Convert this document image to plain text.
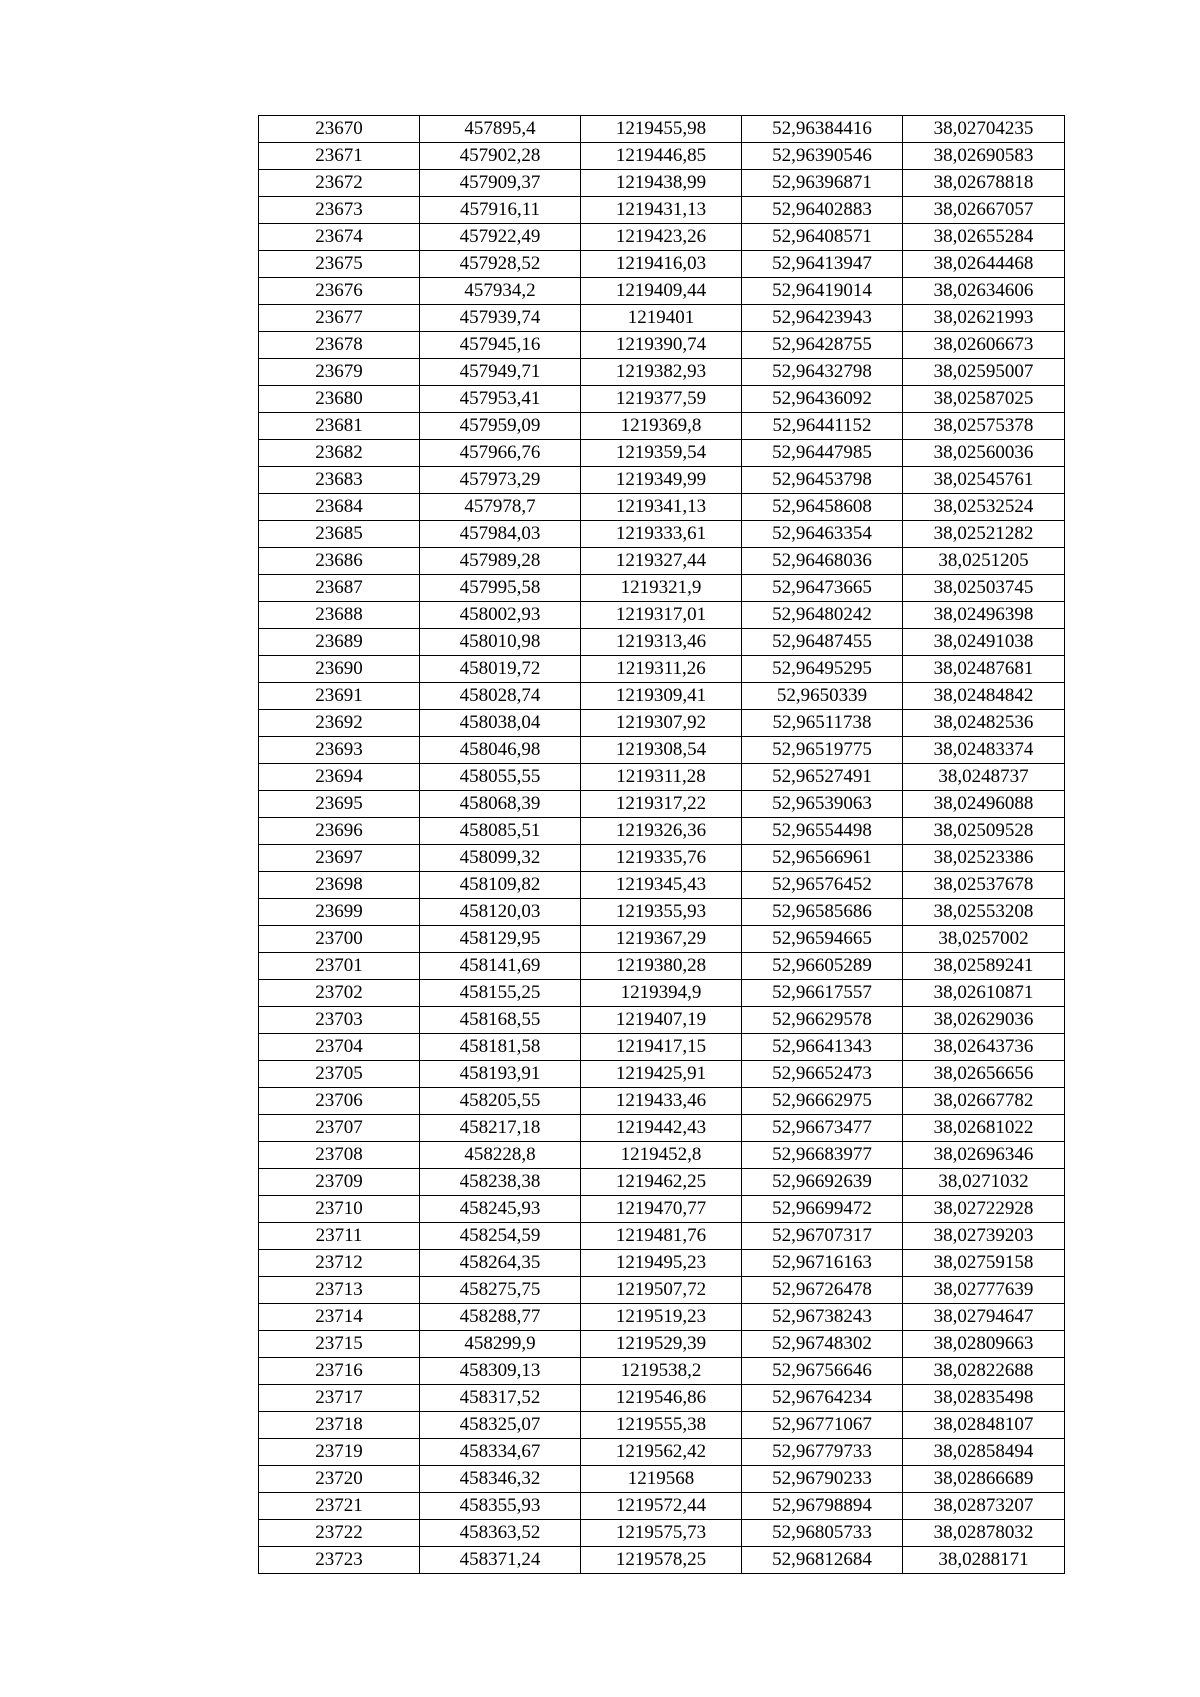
23670	457895,4	1219455,98	52,96384416	38,02704235
23671	457902,28	1219446,85	52,96390546	38,02690583
23672	457909,37	1219438,99	52,96396871	38,02678818
23673	457916,11	1219431,13	52,96402883	38,02667057
23674	457922,49	1219423,26	52,96408571	38,02655284
23675	457928,52	1219416,03	52,96413947	38,02644468
23676	457934,2	1219409,44	52,96419014	38,02634606
23677	457939,74	1219401	52,96423943	38,02621993
23678	457945,16	1219390,74	52,96428755	38,02606673
23679	457949,71	1219382,93	52,96432798	38,02595007
23680	457953,41	1219377,59	52,96436092	38,02587025
23681	457959,09	1219369,8	52,96441152	38,02575378
23682	457966,76	1219359,54	52,96447985	38,02560036
23683	457973,29	1219349,99	52,96453798	38,02545761
23684	457978,7	1219341,13	52,96458608	38,02532524
23685	457984,03	1219333,61	52,96463354	38,02521282
23686	457989,28	1219327,44	52,96468036	38,0251205
23687	457995,58	1219321,9	52,96473665	38,02503745
23688	458002,93	1219317,01	52,96480242	38,02496398
23689	458010,98	1219313,46	52,96487455	38,02491038
23690	458019,72	1219311,26	52,96495295	38,02487681
23691	458028,74	1219309,41	52,9650339	38,02484842
23692	458038,04	1219307,92	52,96511738	38,02482536
23693	458046,98	1219308,54	52,96519775	38,02483374
23694	458055,55	1219311,28	52,96527491	38,0248737
23695	458068,39	1219317,22	52,96539063	38,02496088
23696	458085,51	1219326,36	52,96554498	38,02509528
23697	458099,32	1219335,76	52,96566961	38,02523386
23698	458109,82	1219345,43	52,96576452	38,02537678
23699	458120,03	1219355,93	52,96585686	38,02553208
23700	458129,95	1219367,29	52,96594665	38,0257002
23701	458141,69	1219380,28	52,96605289	38,02589241
23702	458155,25	1219394,9	52,96617557	38,02610871
23703	458168,55	1219407,19	52,96629578	38,02629036
23704	458181,58	1219417,15	52,96641343	38,02643736
23705	458193,91	1219425,91	52,96652473	38,02656656
23706	458205,55	1219433,46	52,96662975	38,02667782
23707	458217,18	1219442,43	52,96673477	38,02681022
23708	458228,8	1219452,8	52,96683977	38,02696346
23709	458238,38	1219462,25	52,96692639	38,0271032
23710	458245,93	1219470,77	52,96699472	38,02722928
23711	458254,59	1219481,76	52,96707317	38,02739203
23712	458264,35	1219495,23	52,96716163	38,02759158
23713	458275,75	1219507,72	52,96726478	38,02777639
23714	458288,77	1219519,23	52,96738243	38,02794647
23715	458299,9	1219529,39	52,96748302	38,02809663
23716	458309,13	1219538,2	52,96756646	38,02822688
23717	458317,52	1219546,86	52,96764234	38,02835498
23718	458325,07	1219555,38	52,96771067	38,02848107
23719	458334,67	1219562,42	52,96779733	38,02858494
23720	458346,32	1219568	52,96790233	38,02866689
23721	458355,93	1219572,44	52,96798894	38,02873207
23722	458363,52	1219575,73	52,96805733	38,02878032
23723	458371,24	1219578,25	52,96812684	38,0288171
